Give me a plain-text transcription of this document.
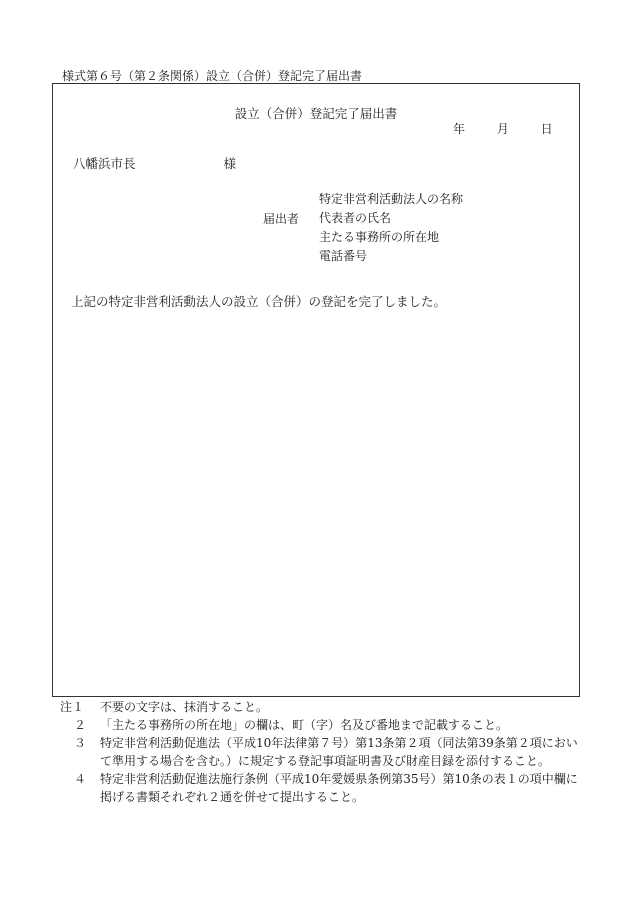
様式第６号（第２条関係）設立（合併）登記完了届出書
設立（合併）登記完了届出書
年	月	日
八幡浜市長	様
届出者
特定非営利活動法人の名称
代表者の氏名
主たる事務所の所在地
電話番号
上記の特定非営利活動法人の設立（合併）の登記を完了しました。
注１	不要の文字は、抹消すること。
２	「主たる事務所の所在地」の欄は、町（字）名及び番地まで記載すること。
３	特定非営利活動促進法（平成10年法律第７号）第13条第２項（同法第39条第２項において準用する場合を含む。）に規定する登記事項証明書及び財産目録を添付すること。
４	特定非営利活動促進法施行条例（平成10年愛媛県条例第35号）第10条の表１の項中欄に掲げる書類それぞれ２通を併せて提出すること。
